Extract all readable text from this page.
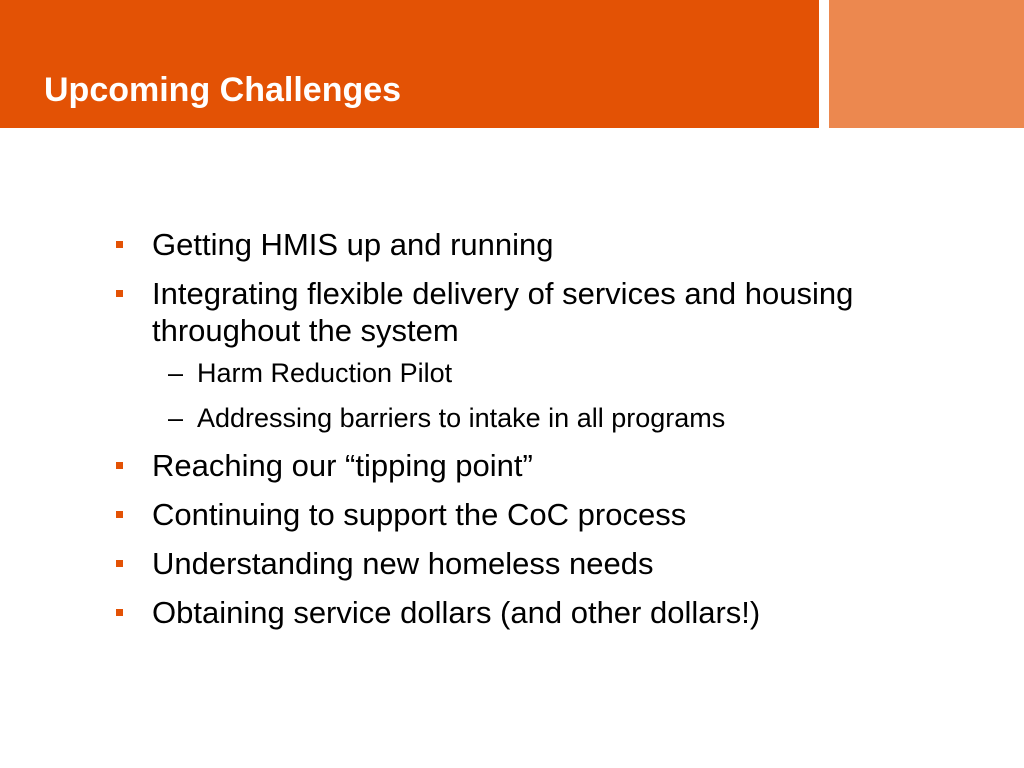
Upcoming Challenges
Getting HMIS up and running
Integrating flexible delivery of services and housing throughout the system
– Harm Reduction Pilot
– Addressing barriers to intake in all programs
Reaching our “tipping point”
Continuing to support the CoC process
Understanding new homeless needs
Obtaining service dollars (and other dollars!)
